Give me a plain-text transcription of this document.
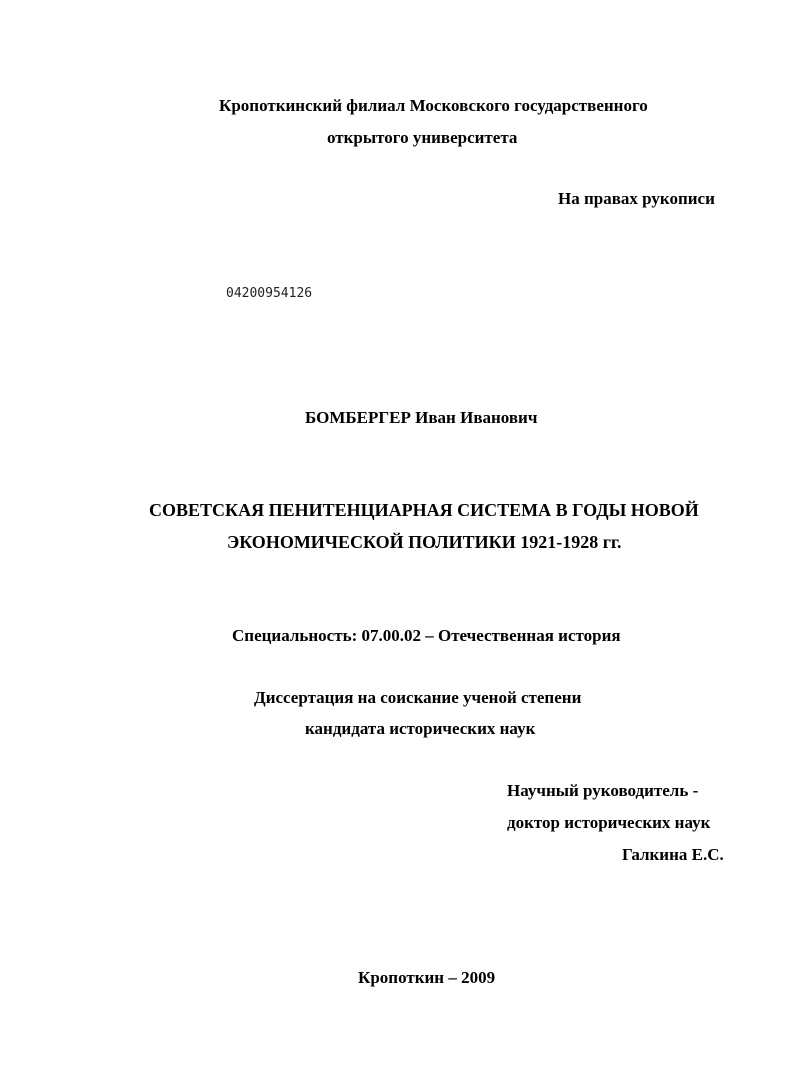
Кропоткинский филиал Московского государственного
открытого университета
На правах рукописи
04200954126
БОМБЕРГЕР Иван Иванович
СОВЕТСКАЯ ПЕНИТЕНЦИАРНАЯ СИСТЕМА В ГОДЫ НОВОЙ
ЭКОНОМИЧЕСКОЙ ПОЛИТИКИ 1921-1928 гг.
Специальность: 07.00.02 – Отечественная история
Диссертация на соискание ученой степени
кандидата исторических наук
Научный руководитель -
доктор исторических наук
Галкина Е.С.
Кропоткин – 2009
